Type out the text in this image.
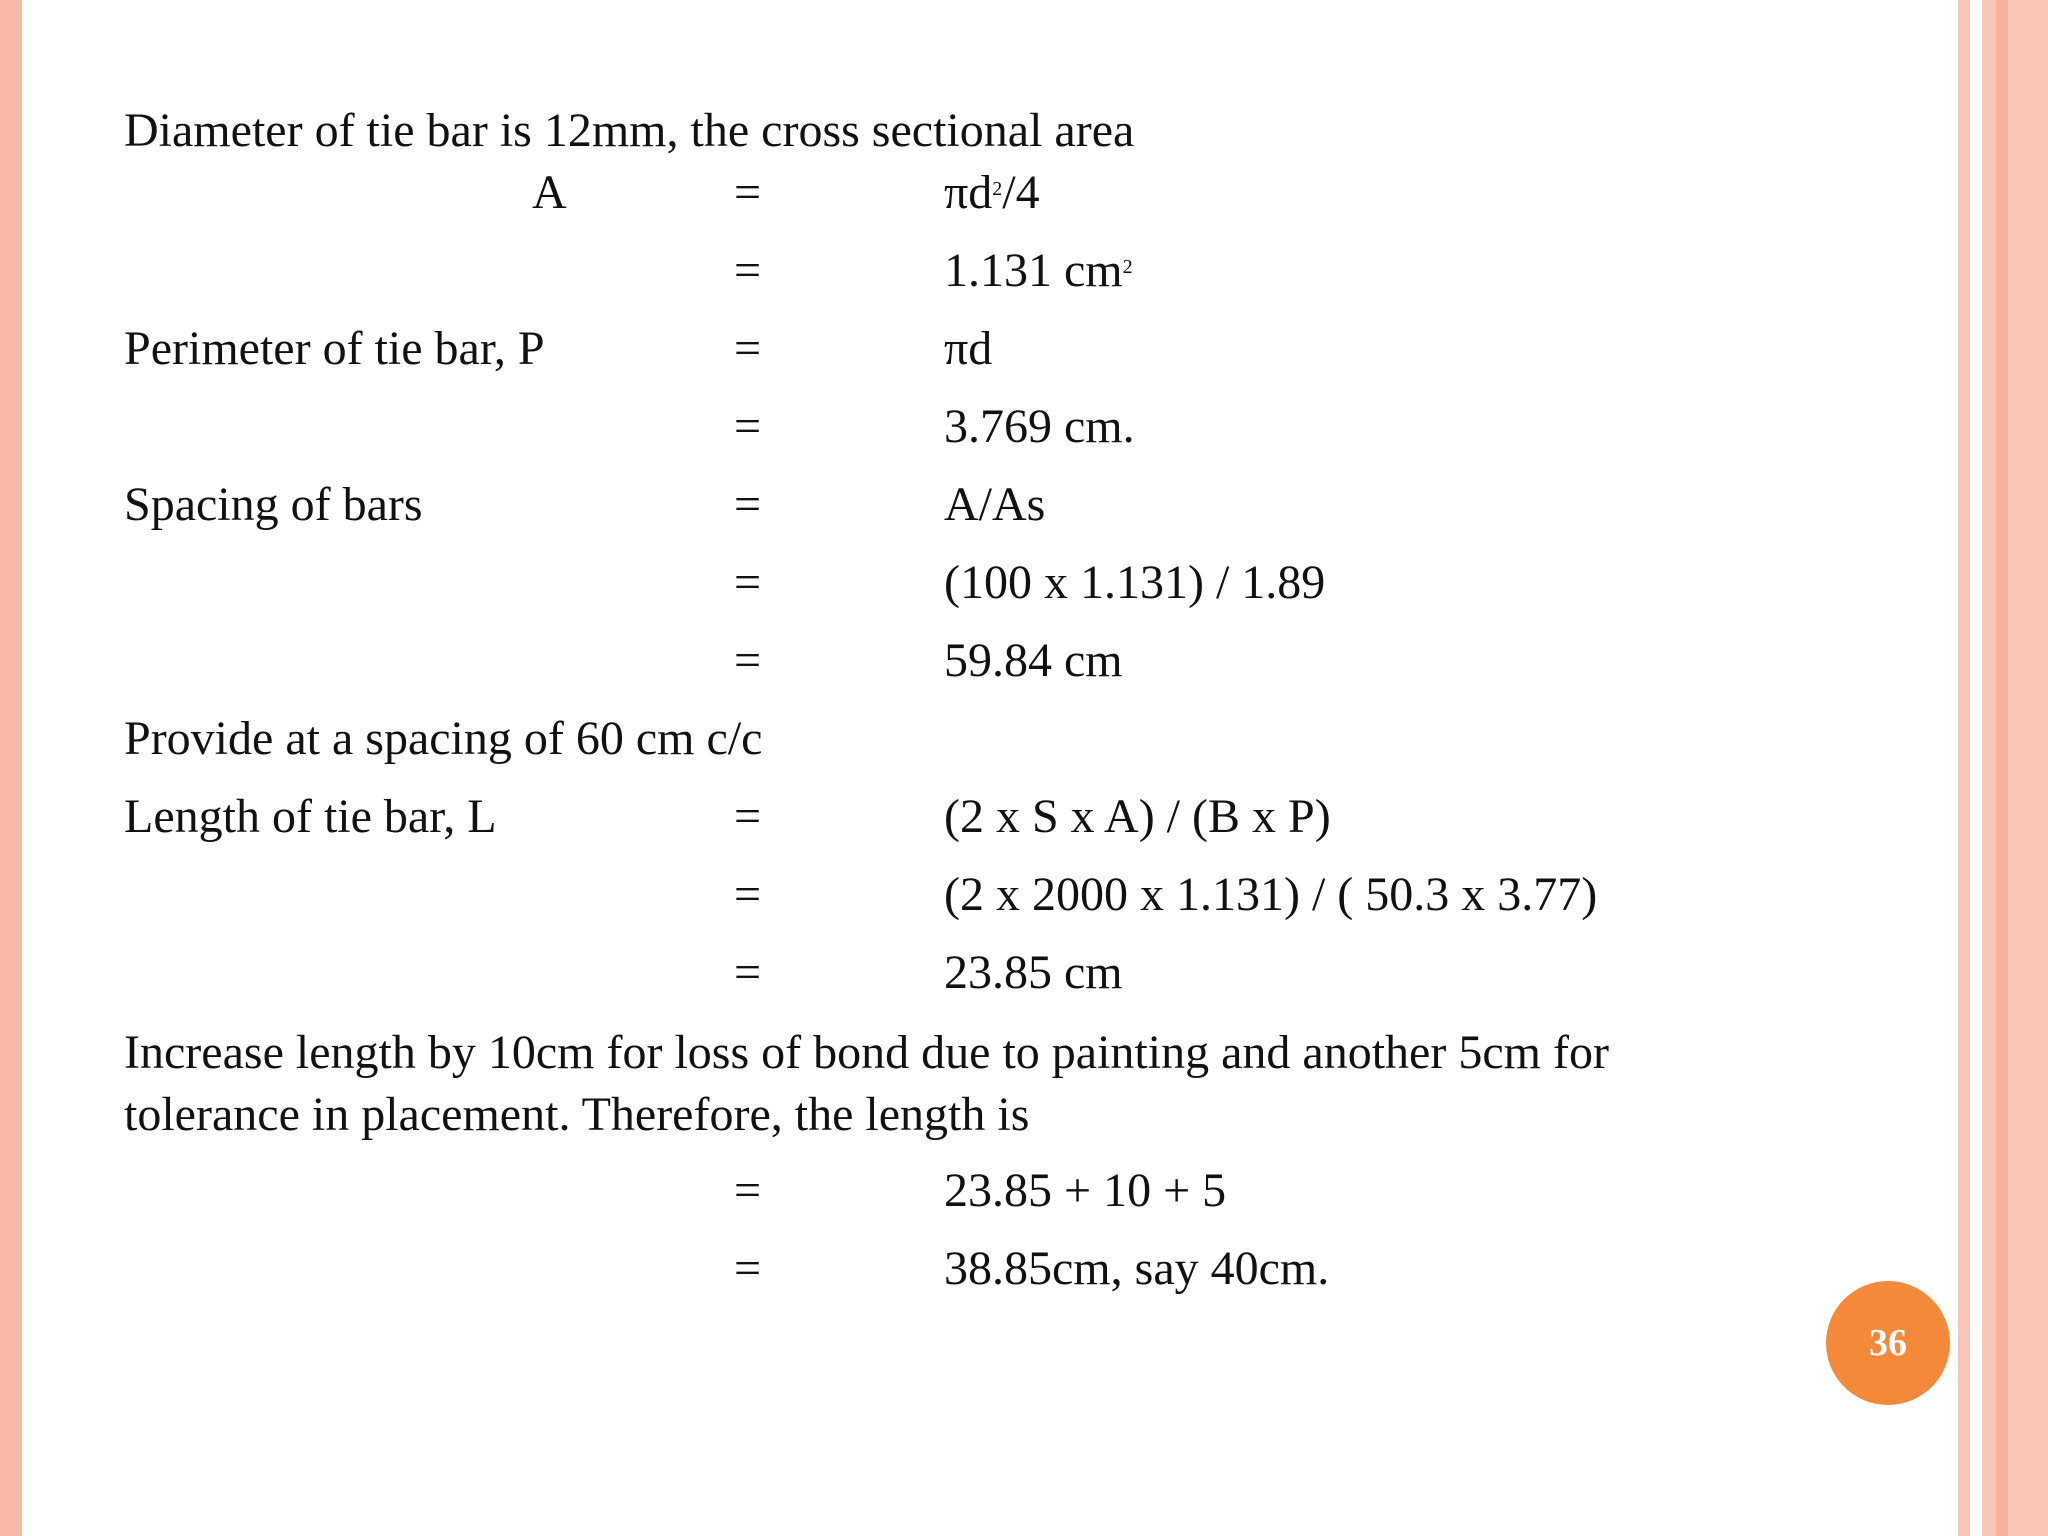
Diameter of tie bar is 12mm, the cross sectional area
A	=	$\pi d^2/4$
=	1.131 $cm^2$
Perimeter of tie bar, P	=	πd
=	3.769 cm.
Spacing of bars	=	A/As
=	(100 x 1.131) / 1.89
=	59.84 cm
Provide at a spacing of 60 cm c/c
Length of tie bar, L	=	(2 x S x A) / (B x P)
=	(2 x 2000 x 1.131) / ( 50.3 x 3.77)
=	23.85 cm
Increase length by 10cm for loss of bond due to painting and another 5cm for tolerance in placement. Therefore, the length is
=	23.85 + 10 + 5
=	38.85cm, say 40cm.
36
